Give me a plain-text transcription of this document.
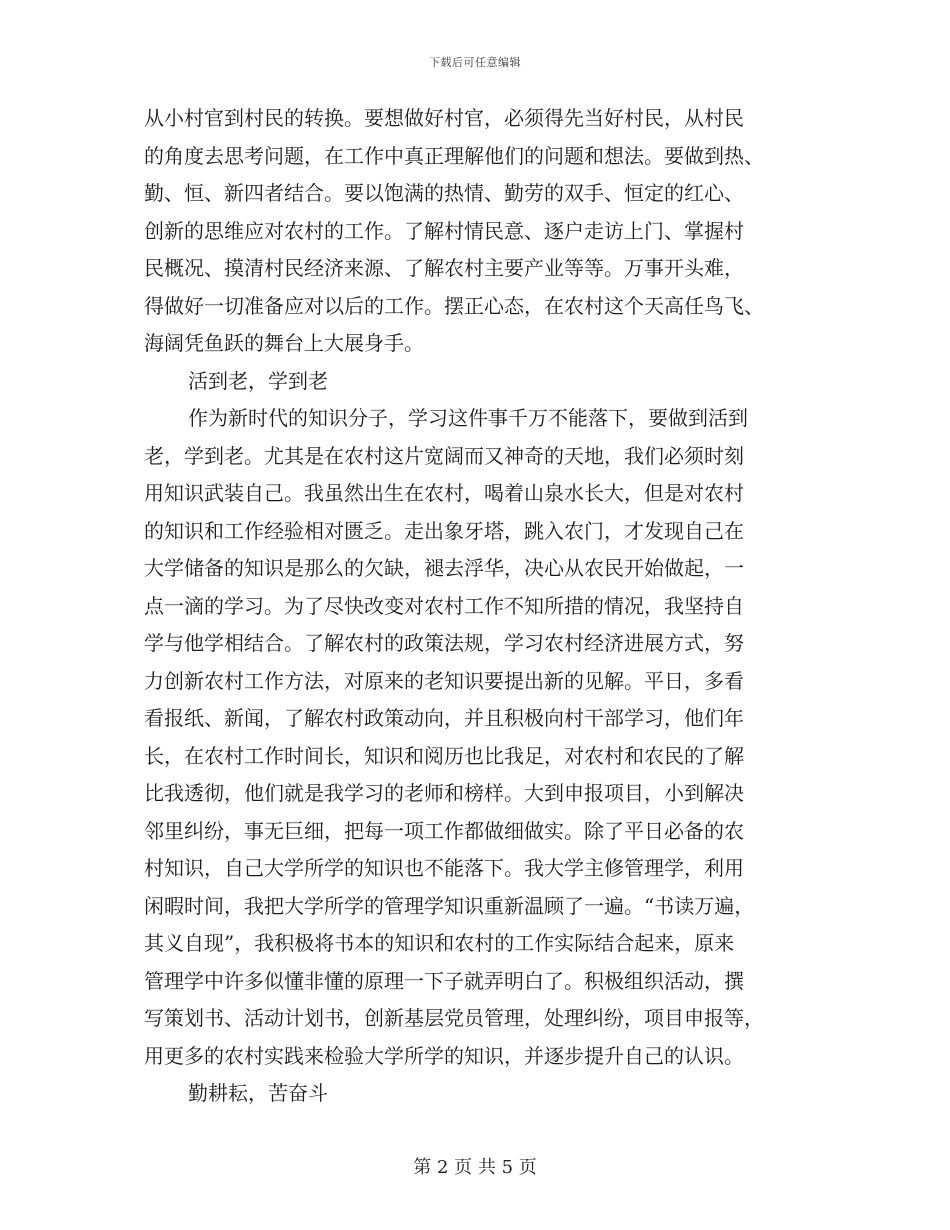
下载后可任意编辑
从小村官到村民的转换。要想做好村官，必须得先当好村民，从村民
的角度去思考问题，在工作中真正理解他们的问题和想法。要做到热、
勤、恒、新四者结合。要以饱满的热情、勤劳的双手、恒定的红心、
创新的思维应对农村的工作。了解村情民意、逐户走访上门、掌握村
民概况、摸清村民经济来源、了解农村主要产业等等。万事开头难，
得做好一切准备应对以后的工作。摆正心态，在农村这个天高任鸟飞、
海阔凭鱼跃的舞台上大展身手。
活到老，学到老
作为新时代的知识分子，学习这件事千万不能落下，要做到活到
老，学到老。尤其是在农村这片宽阔而又神奇的天地，我们必须时刻
用知识武装自己。我虽然出生在农村，喝着山泉水长大，但是对农村
的知识和工作经验相对匮乏。走出象牙塔，跳入农门，才发现自己在
大学储备的知识是那么的欠缺，褪去浮华，决心从农民开始做起，一
点一滴的学习。为了尽快改变对农村工作不知所措的情况，我坚持自
学与他学相结合。了解农村的政策法规，学习农村经济进展方式，努
力创新农村工作方法，对原来的老知识要提出新的见解。平日，多看
看报纸、新闻，了解农村政策动向，并且积极向村干部学习，他们年
长，在农村工作时间长，知识和阅历也比我足，对农村和农民的了解
比我透彻，他们就是我学习的老师和榜样。大到申报项目，小到解决
邻里纠纷，事无巨细，把每一项工作都做细做实。除了平日必备的农
村知识，自己大学所学的知识也不能落下。我大学主修管理学，利用
闲暇时间，我把大学所学的管理学知识重新温顾了一遍。“书读万遍，
其义自现”，我积极将书本的知识和农村的工作实际结合起来，原来
管理学中许多似懂非懂的原理一下子就弄明白了。积极组织活动，撰
写策划书、活动计划书，创新基层党员管理，处理纠纷，项目申报等，
用更多的农村实践来检验大学所学的知识，并逐步提升自己的认识。
勤耕耘，苦奋斗
第 2 页 共 5 页
